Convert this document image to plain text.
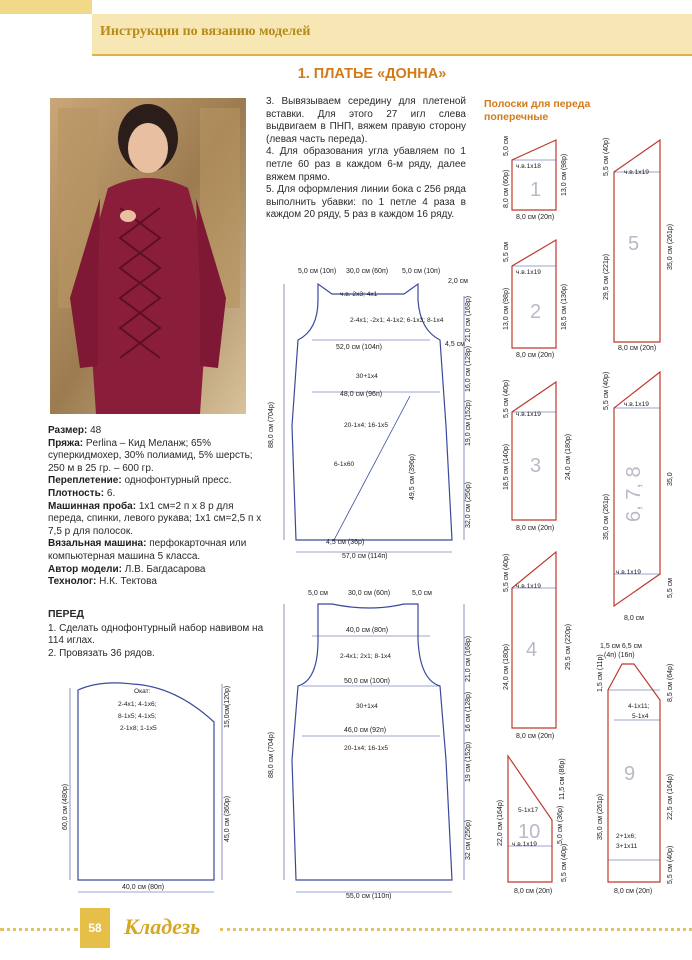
Инструкции по вязанию моделей
1. ПЛАТЬЕ «ДОННА»

Размер: 48

Пряжа: Perlina – Кид Меланж; 65% суперкидмохер, 30% полиамид, 5% шерсть; 250 м в 25 гр. – 600 гр.

Переплетение: однофонтурный пресс.

Плотность: 6.

Машинная проба: 1х1 см=2 п х 8 р для переда, спинки, левого рукава; 1х1 см=2,5 п х 7,5 р для полосок.

Вязальная машина: перфокарточная или компьютерная машина 5 класса.

Автор модели: Л.В. Багдасарова

Технолог: Н.К. Тектова

ПЕРЕД

1. Сделать однофонтурный набор навивом на 114 иглах.

2. Провязать 36 рядов.

3. Вывязываем середину для плетеной вставки. Для этого 27 игл слева выдвигаем в ПНП, вяжем правую сторону (левая часть переда).

4. Для образования угла убавляем по 1 петле 60 раз в каждом 6-м ряду, далее вяжем прямо.

5. Для оформления линии бока с 256 ряда выполнить убавки: по 1 петле 4 раза в каждом 20 ряду, 5 раз в каждом 16 ряду.

Полоски для переда поперечные
Окат:
2-4х1; 4-1х6;
8-1х5; 4-1х5;
2-1х8; 1-1х5
15,0см(120р)
60,0 см (480р)	45,0 см (360р)
40,0 см (80п)
5,0 см (10п) 30,0 см (60п) 5,0 см (10п)
2,0 см
ч.в. 2х3; 4х1
2-4х1; -2х1; 4-1х2; 6-1х3; 8-1х4	21,0 см (168р)
4,5 см
52,0 см (104п)
30+1х4	16,0 см (128р)
48,0 см (96п)
19,0 см (152р)
20-1х4; 16-1х5
6-1х60
88,0 см (704р)
49,5 см (396р)
32,0 см (256р)
4,5 см (36р)
57,0 см (114п)
5,0 см	30,0 см (60п)	5,0 см
40,0 см (80п)
2-4х1; 2х1; 8-1х4	21,0 см (168р)
50,0 см (100п)
16 см (128р)
30+1х4
46,0 см (92п)
19 см (152р)
20-1х4; 16-1х5
88,0 см (704р)
32 см (256р)
55,0 см (110п)
5,0 см
ч.в.1х18
8,0 см (60р)	13,0 см (98р)
8,0 см (20п)
1
5,5 см
ч.в.1х19
13,0 см (98р)	18,5 см (136р)
8,0 см (20п)
2
5,5 см (40р) ч.в.1х19
18,5 см (140р)	24,0 см (180р)
8,0 см (20п)
3
5,5 см (40р) ч.в.1х19
24,0 см (180р)	29,5 см (220р)
8,0 см (20п)
4
5,5 см (40р) ч.в.1х19
29,5 см (221р)
35,0 см (261р)
8,0 см (20п)
5
5,5 см (40р) ч.в.1х19
35,0 см (261р)
35,0
ч.в.1х19
5,5 см
8,0 см
6, 7, 8
1,5 см 6,5 см
(4п) (16п)
1,5 см (11р)	8,5 см (64р)
4-1х11;
5-1х4
35,0 см (261р)	22,5 см (164р)
2+1х6;
3+1х11	5,5 см (40р)
8,0 см (20п)
9
22,0 см (164р)
11,5 см (86р)
5-1х17
ч.в.1х19
5,0 см (36р)
5,5 см (40р)
8,0 см (20п)
10
58	Кладезь
